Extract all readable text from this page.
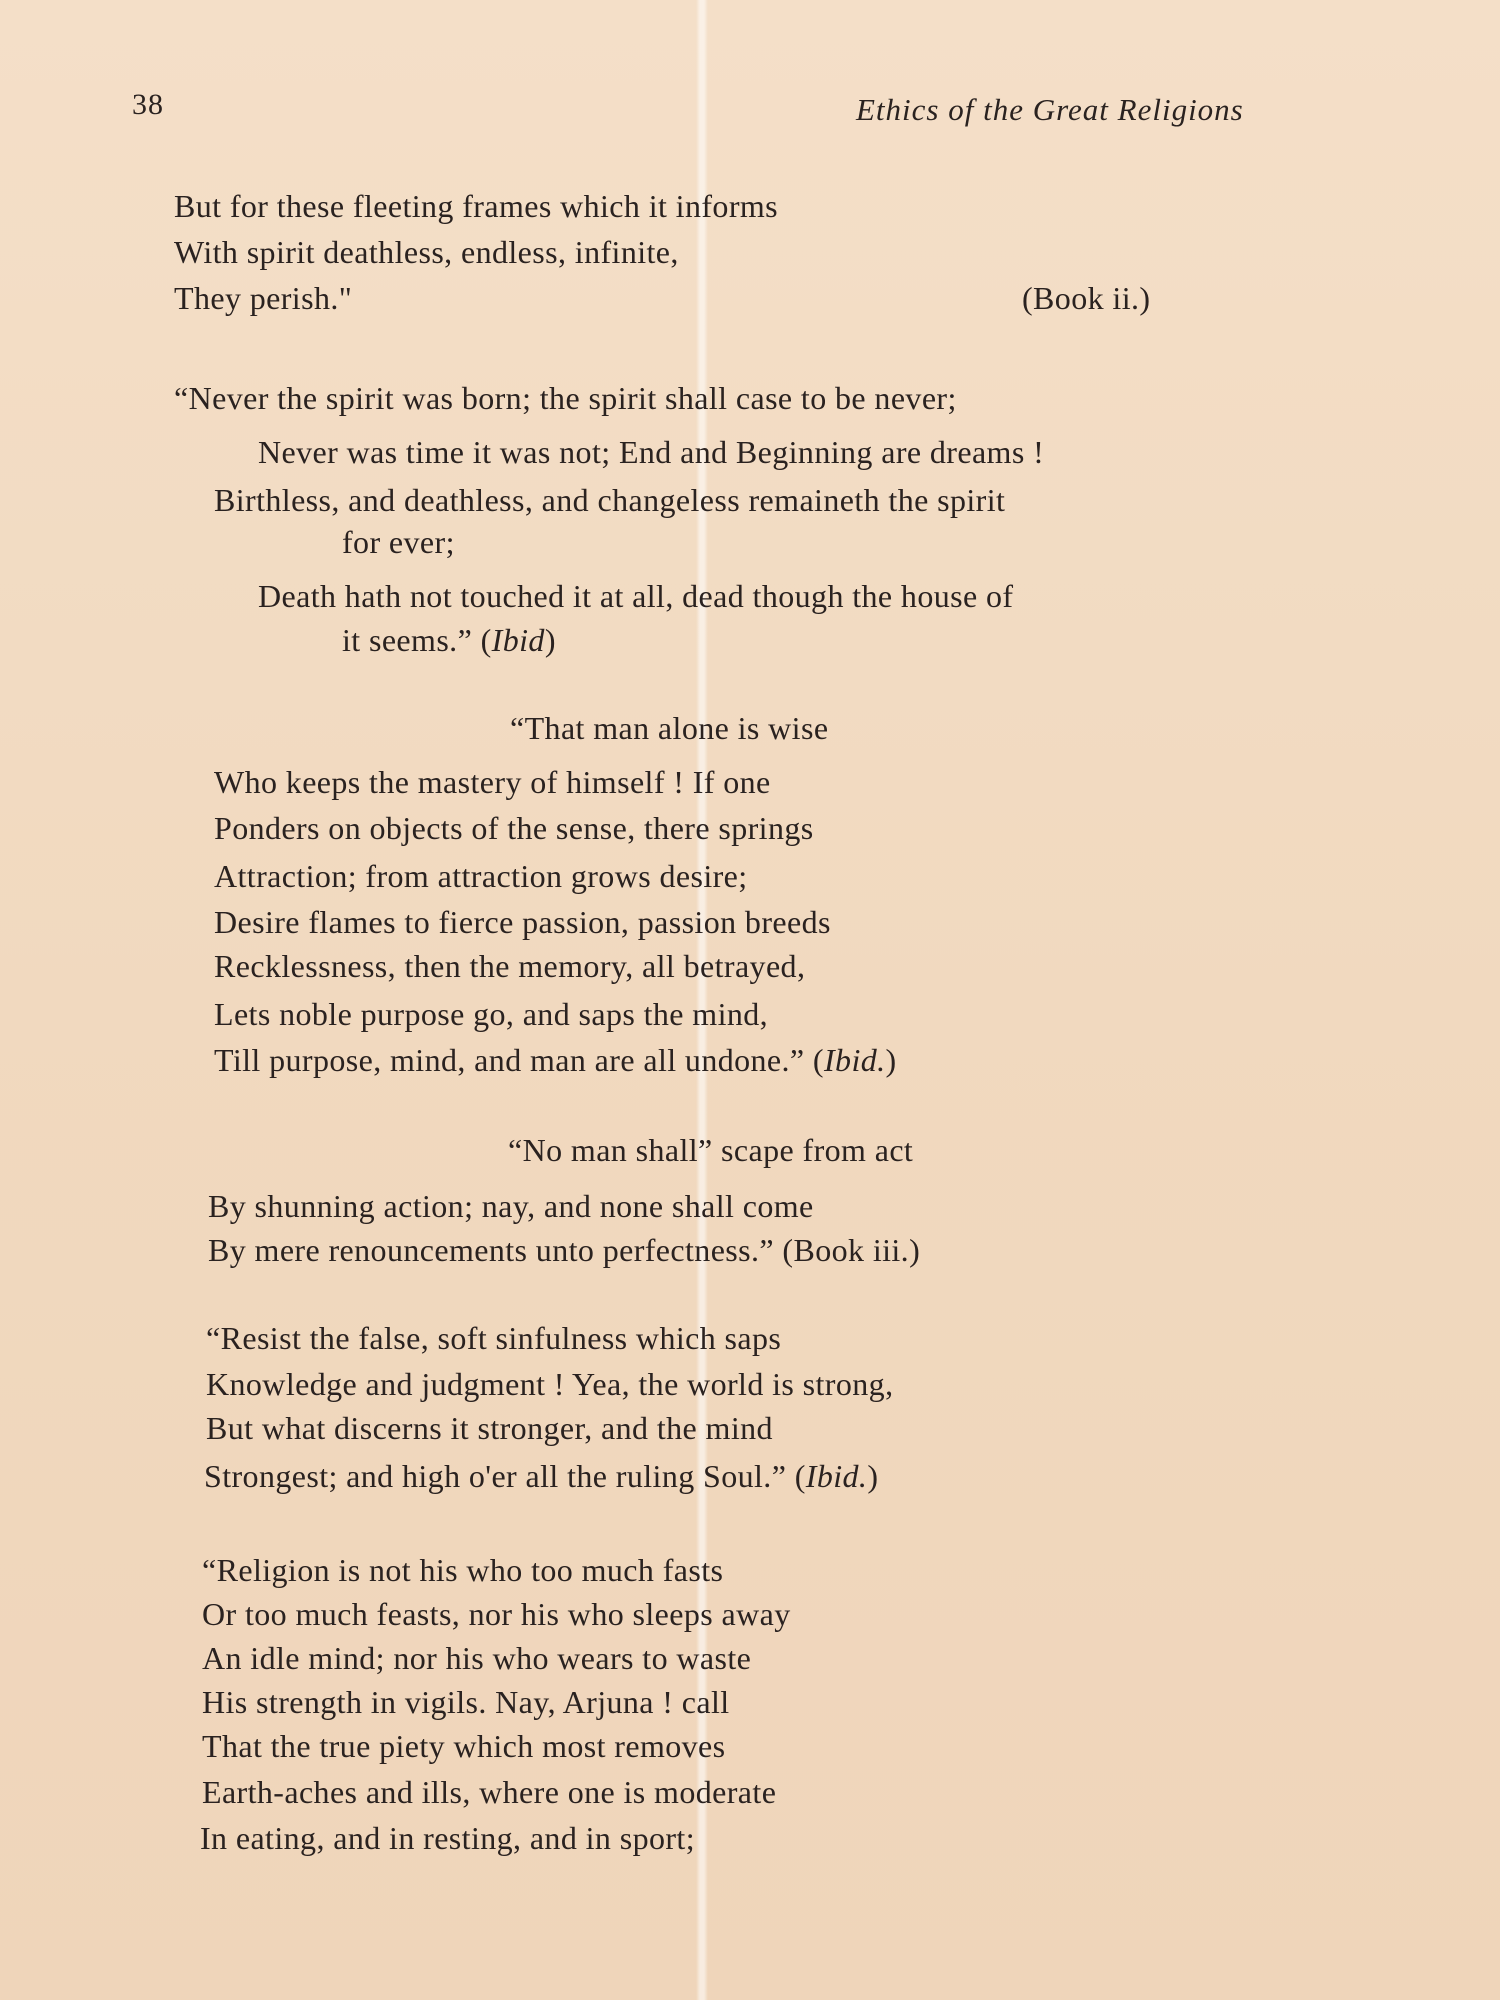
38	Ethics of the Great Religions
But for these fleeting frames which it informs
With spirit deathless, endless, infinite,
They perish."	(Book ii.)
“Never the spirit was born; the spirit shall case to be never;
Never was time it was not; End and Beginning are dreams !
Birthless, and deathless, and changeless remaineth the spirit
for ever;
Death hath not touched it at all, dead though the house of
it seems.” (Ibid)
“That man alone is wise
Who keeps the mastery of himself ! If one
Ponders on objects of the sense, there springs
Attraction; from attraction grows desire;
Desire flames to fierce passion, passion breeds
Recklessness, then the memory, all betrayed,
Lets noble purpose go, and saps the mind,
Till purpose, mind, and man are all undone.” (Ibid.)
“No man shall” scape from act
By shunning action; nay, and none shall come
By mere renouncements unto perfectness.” (Book iii.)
“Resist the false, soft sinfulness which saps
Knowledge and judgment ! Yea, the world is strong,
But what discerns it stronger, and the mind
Strongest; and high o'er all the ruling Soul.” (Ibid.)
“Religion is not his who too much fasts
Or too much feasts, nor his who sleeps away
An idle mind; nor his who wears to waste
His strength in vigils. Nay, Arjuna ! call
That the true piety which most removes
Earth-aches and ills, where one is moderate
In eating, and in resting, and in sport;
